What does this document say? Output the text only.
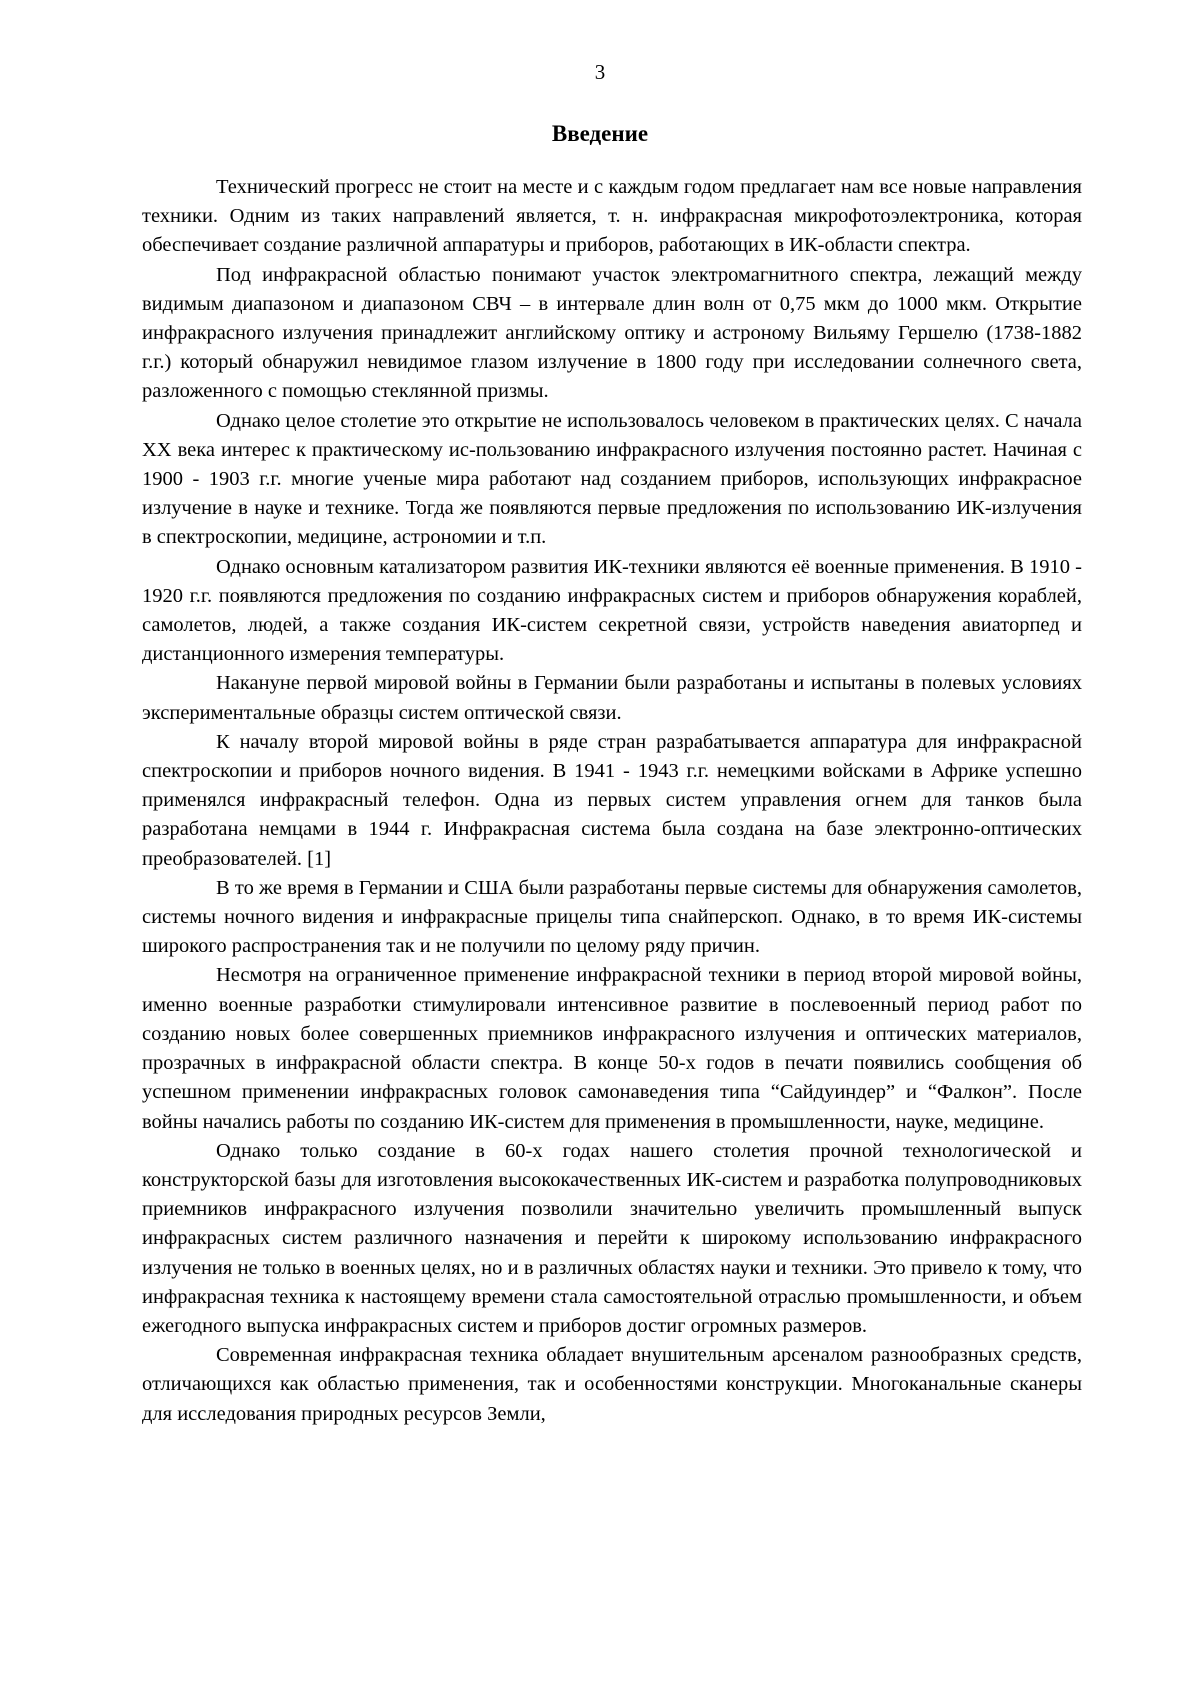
3
Введение

Технический прогресс не стоит на месте и с каждым годом предлагает нам все новые направления техники. Одним из таких направлений является, т. н. инфракрасная микрофотоэлектроника, которая обеспечивает создание различной аппаратуры и приборов, работающих в ИК-области спектра.

Под инфракрасной областью понимают участок электромагнитного спектра, лежащий между видимым диапазоном и диапазоном СВЧ – в интервале длин волн от 0,75 мкм до 1000 мкм. Открытие инфракрасного излучения принадлежит английскому оптику и астроному Вильяму Гершелю (1738-1882 г.г.) который обнаружил невидимое глазом излучение в 1800 году при исследовании солнечного света, разложенного с помощью стеклянной призмы.

Однако целое столетие это открытие не использовалось человеком в практических целях. С начала XX века интерес к практическому ис-пользованию инфракрасного излучения постоянно растет. Начиная с 1900 - 1903 г.г. многие ученые мира работают над созданием приборов, использующих инфракрасное излучение в науке и технике. Тогда же появляются первые предложения по использованию ИК-излучения в спектроскопии, медицине, астрономии и т.п.

Однако основным катализатором развития ИК-техники являются её военные применения. В 1910 - 1920 г.г. появляются предложения по созданию инфракрасных систем и приборов обнаружения кораблей, самолетов, людей, а также создания ИК-систем секретной связи, устройств наведения авиаторпед и дистанционного измерения температуры.

Накануне первой мировой войны в Германии были разработаны и испытаны в полевых условиях экспериментальные образцы систем оптической связи.

К началу второй мировой войны в ряде стран разрабатывается аппаратура для инфракрасной спектроскопии и приборов ночного видения. В 1941 - 1943 г.г. немецкими войсками в Африке успешно применялся инфракрасный телефон. Одна из первых систем управления огнем для танков была разработана немцами в 1944 г. Инфракрасная система была создана на базе электронно-оптических преобразователей. [1]

В то же время в Германии и США были разработаны первые системы для обнаружения самолетов, системы ночного видения и инфракрасные прицелы типа снайперскоп. Однако, в то время ИК-системы широкого распространения так и не получили по целому ряду причин.

Несмотря на ограниченное применение инфракрасной техники в период второй мировой войны, именно военные разработки стимулировали интенсивное развитие в послевоенный период работ по созданию новых более совершенных приемников инфракрасного излучения и оптических материалов, прозрачных в инфракрасной области спектра. В конце 50-х годов в печати появились сообщения об успешном применении инфракрасных головок самонаведения типа “Сайдуиндер” и “Фалкон”. После войны начались работы по созданию ИК-систем для применения в промышленности, науке, медицине.

Однако только создание в 60-х годах нашего столетия прочной технологической и конструкторской базы для изготовления высококачественных ИК-систем и разработка полупроводниковых приемников инфракрасного излучения позволили значительно увеличить промышленный выпуск инфракрасных систем различного назначения и перейти к широкому использованию инфракрасного излучения не только в военных целях, но и в различных областях науки и техники. Это привело к тому, что инфракрасная техника к настоящему времени стала самостоятельной отраслью промышленности, и объем ежегодного выпуска инфракрасных систем и приборов достиг огромных размеров.

Современная инфракрасная техника обладает внушительным арсеналом разнообразных средств, отличающихся как областью применения, так и особенностями конструкции. Многоканальные сканеры для исследования природных ресурсов Земли,
